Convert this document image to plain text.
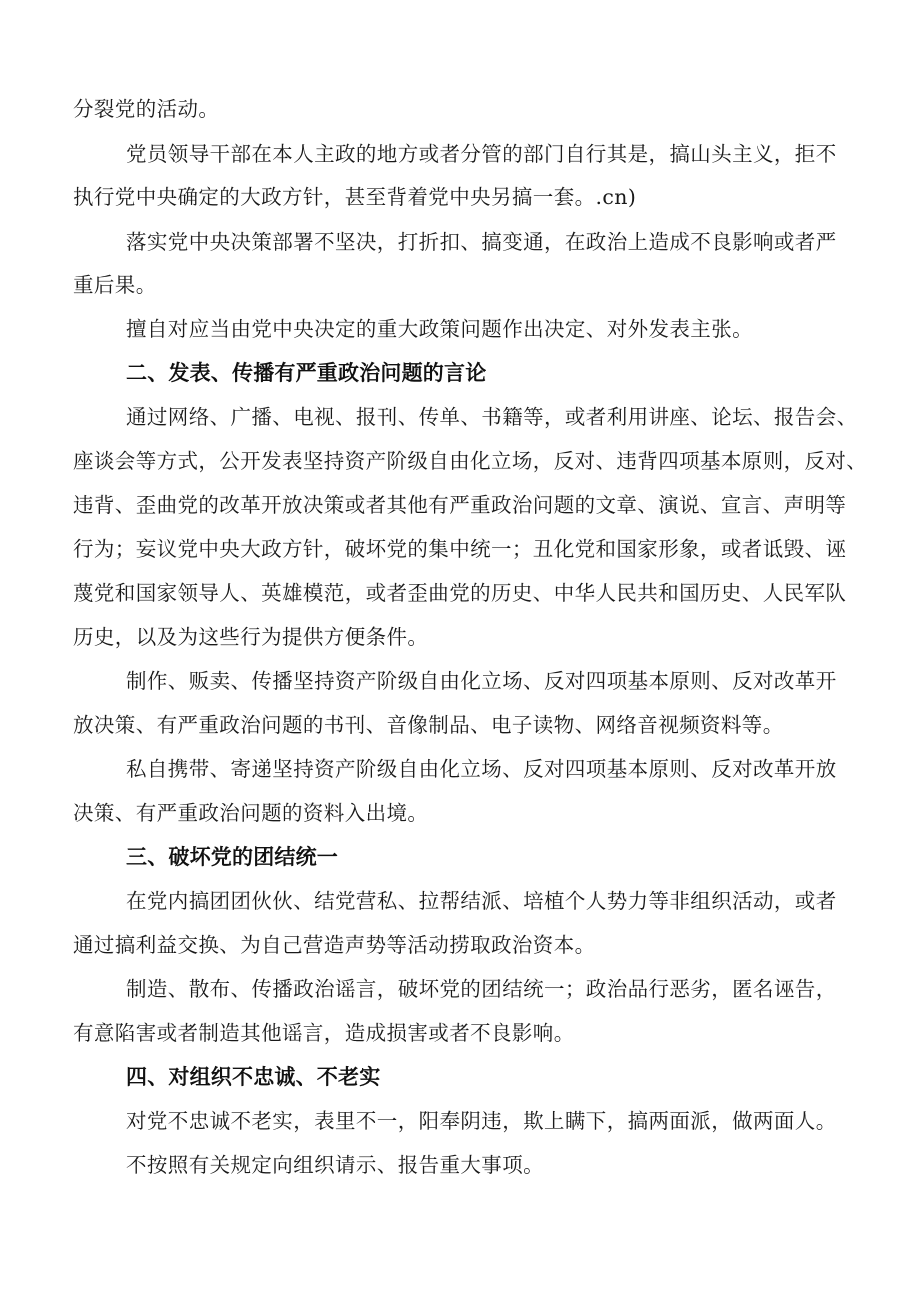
分裂党的活动。
党员领导干部在本人主政的地方或者分管的部门自行其是，搞山头主义，拒不
执行党中央确定的大政方针，甚至背着党中央另搞一套。.cn)
落实党中央决策部署不坚决，打折扣、搞变通，在政治上造成不良影响或者严
重后果。
擅自对应当由党中央决定的重大政策问题作出决定、对外发表主张。
二、发表、传播有严重政治问题的言论
通过网络、广播、电视、报刊、传单、书籍等，或者利用讲座、论坛、报告会、
座谈会等方式，公开发表坚持资产阶级自由化立场，反对、违背四项基本原则，反对、
违背、歪曲党的改革开放决策或者其他有严重政治问题的文章、演说、宣言、声明等
行为；妄议党中央大政方针，破坏党的集中统一；丑化党和国家形象，或者诋毁、诬
蔑党和国家领导人、英雄模范，或者歪曲党的历史、中华人民共和国历史、人民军队
历史，以及为这些行为提供方便条件。
制作、贩卖、传播坚持资产阶级自由化立场、反对四项基本原则、反对改革开
放决策、有严重政治问题的书刊、音像制品、电子读物、网络音视频资料等。
私自携带、寄递坚持资产阶级自由化立场、反对四项基本原则、反对改革开放
决策、有严重政治问题的资料入出境。
三、破坏党的团结统一
在党内搞团团伙伙、结党营私、拉帮结派、培植个人势力等非组织活动，或者
通过搞利益交换、为自己营造声势等活动捞取政治资本。
制造、散布、传播政治谣言，破坏党的团结统一；政治品行恶劣，匿名诬告，
有意陷害或者制造其他谣言，造成损害或者不良影响。
四、对组织不忠诚、不老实
对党不忠诚不老实，表里不一，阳奉阴违，欺上瞒下，搞两面派，做两面人。
不按照有关规定向组织请示、报告重大事项。
